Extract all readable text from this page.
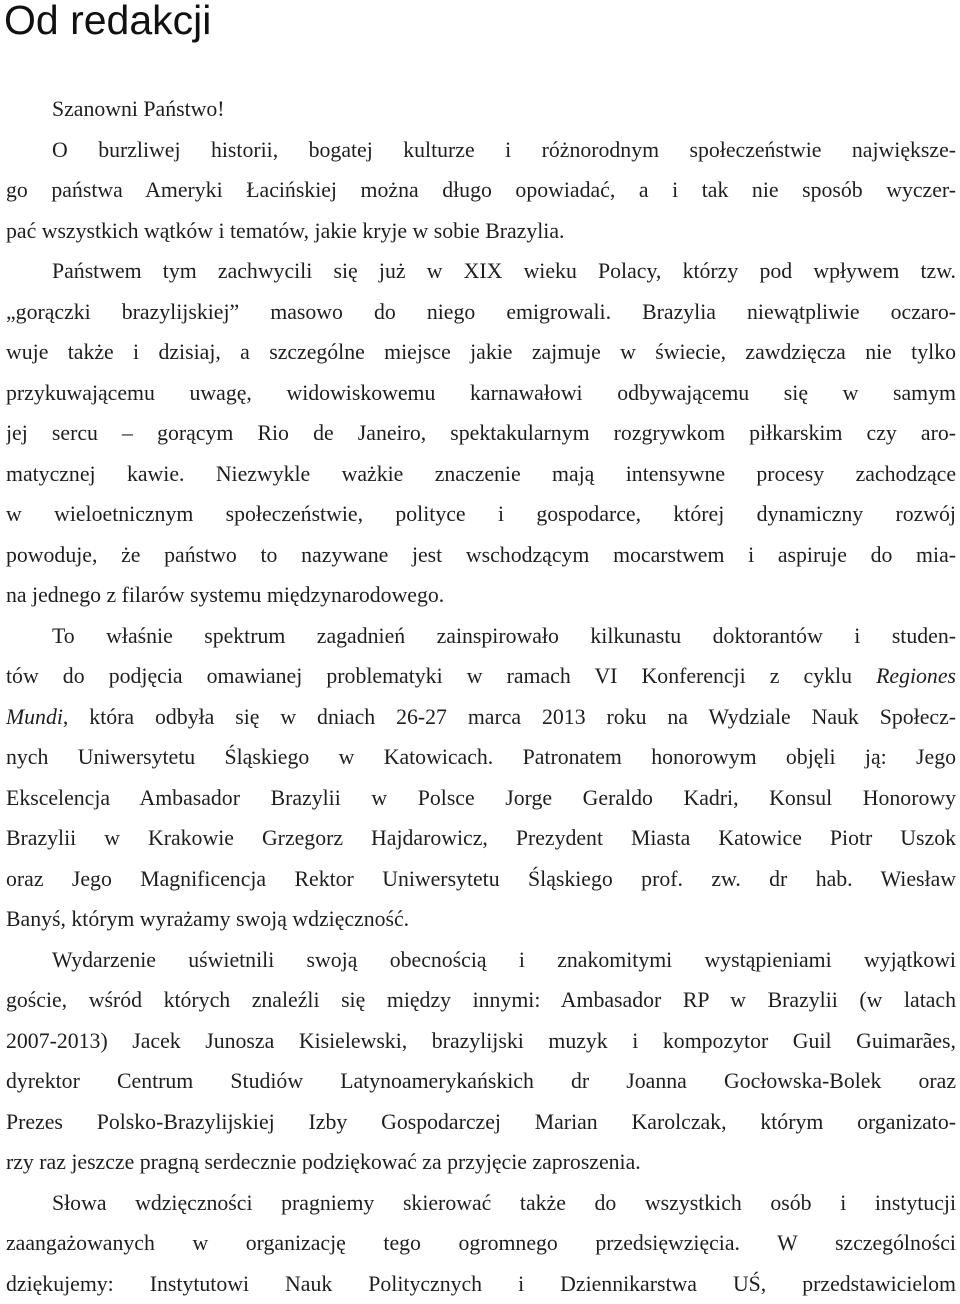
Od redakcji
Szanowni Państwo!
O burzliwej historii, bogatej kulturze i różnorodnym społeczeństwie największe-
go państwa Ameryki Łacińskiej można długo opowiadać, a i tak nie sposób wyczer-
pać wszystkich wątków i tematów, jakie kryje w sobie Brazylia.
Państwem tym zachwycili się już w XIX wieku Polacy, którzy pod wpływem tzw.
„gorączki brazylijskiej” masowo do niego emigrowali. Brazylia niewątpliwie oczaro-
wuje także i dzisiaj, a szczególne miejsce jakie zajmuje w świecie, zawdzięcza nie tylko
przykuwającemu uwagę, widowiskowemu karnawałowi odbywającemu się w samym
jej sercu – gorącym Rio de Janeiro, spektakularnym rozgrywkom piłkarskim czy aro-
matycznej kawie. Niezwykle ważkie znaczenie mają intensywne procesy zachodzące
w wieloetnicznym społeczeństwie, polityce i gospodarce, której dynamiczny rozwój
powoduje, że państwo to nazywane jest wschodzącym mocarstwem i aspiruje do mia-
na jednego z filarów systemu międzynarodowego.
To właśnie spektrum zagadnień zainspirowało kilkunastu doktorantów i studen-
tów do podjęcia omawianej problematyki w ramach VI Konferencji z cyklu Regiones
Mundi, która odbyła się w dniach 26-27 marca 2013 roku na Wydziale Nauk Społecz-
nych Uniwersytetu Śląskiego w Katowicach. Patronatem honorowym objęli ją: Jego
Ekscelencja Ambasador Brazylii w Polsce Jorge Geraldo Kadri, Konsul Honorowy
Brazylii w Krakowie Grzegorz Hajdarowicz, Prezydent Miasta Katowice Piotr Uszok
oraz Jego Magnificencja Rektor Uniwersytetu Śląskiego prof. zw. dr hab. Wiesław
Banyś, którym wyrażamy swoją wdzięczność.
Wydarzenie uświetnili swoją obecnością i znakomitymi wystąpieniami wyjątkowi
goście, wśród których znaleźli się między innymi: Ambasador RP w Brazylii (w latach
2007-2013) Jacek Junosza Kisielewski, brazylijski muzyk i kompozytor Guil Guimarães,
dyrektor Centrum Studiów Latynoamerykańskich dr Joanna Gocłowska-Bolek oraz
Prezes Polsko-Brazylijskiej Izby Gospodarczej Marian Karolczak, którym organizato-
rzy raz jeszcze pragną serdecznie podziękować za przyjęcie zaproszenia.
Słowa wdzięczności pragniemy skierować także do wszystkich osób i instytucji
zaangażowanych w organizację tego ogromnego przedsięwzięcia. W szczególności
dziękujemy: Instytutowi Nauk Politycznych i Dziennikarstwa UŚ, przedstawicielom
